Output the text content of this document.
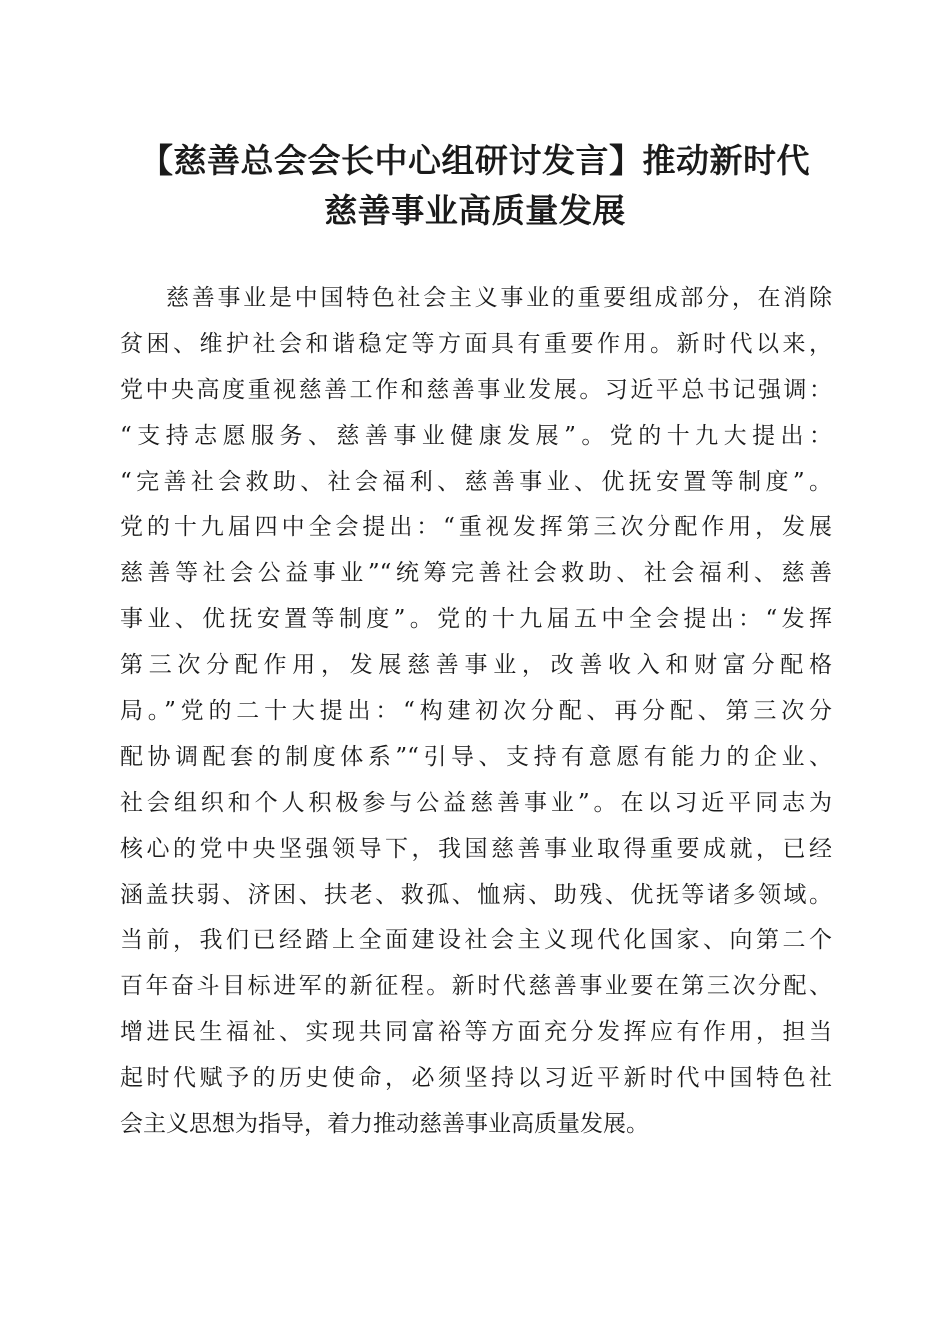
【慈善总会会长中心组研讨发言】推动新时代
慈善事业高质量发展
慈善事业是中国特色社会主义事业的重要组成部分，在消除
贫困、维护社会和谐稳定等方面具有重要作用。新时代以来，
党中央高度重视慈善工作和慈善事业发展。习近平总书记强调：
“支持志愿服务、慈善事业健康发展”。党的十九大提出：
“完善社会救助、社会福利、慈善事业、优抚安置等制度”。
党的十九届四中全会提出：“重视发挥第三次分配作用，发展
慈善等社会公益事业”“统筹完善社会救助、社会福利、慈善
事业、优抚安置等制度”。党的十九届五中全会提出：“发挥
第三次分配作用，发展慈善事业，改善收入和财富分配格
局。”党的二十大提出：“构建初次分配、再分配、第三次分
配协调配套的制度体系”“引导、支持有意愿有能力的企业、
社会组织和个人积极参与公益慈善事业”。在以习近平同志为
核心的党中央坚强领导下，我国慈善事业取得重要成就，已经
涵盖扶弱、济困、扶老、救孤、恤病、助残、优抚等诸多领域。
当前，我们已经踏上全面建设社会主义现代化国家、向第二个
百年奋斗目标进军的新征程。新时代慈善事业要在第三次分配、
增进民生福祉、实现共同富裕等方面充分发挥应有作用，担当
起时代赋予的历史使命，必须坚持以习近平新时代中国特色社
会主义思想为指导，着力推动慈善事业高质量发展。
